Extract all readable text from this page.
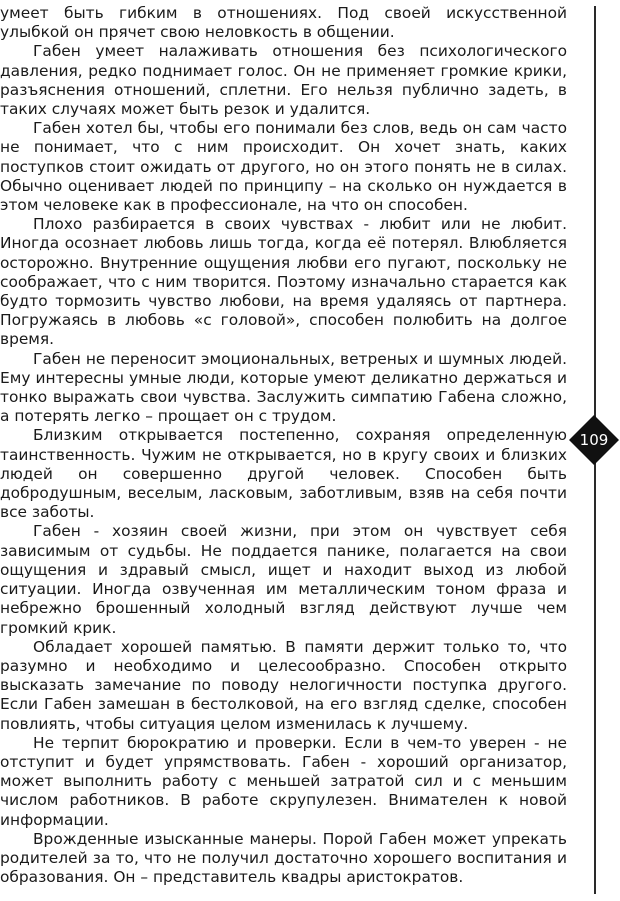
умеет быть гибким в отношениях. Под своей искусственной улыбкой он прячет свою неловкость в общении.

Габен умеет налаживать отношения без психологического давления, редко поднимает голос. Он не применяет громкие крики, разъяснения отношений, сплетни. Его нельзя публично задеть, в таких случаях может быть резок и удалится.

Габен хотел бы, чтобы его понимали без слов, ведь он сам часто не понимает, что с ним происходит. Он хочет знать, каких поступков стоит ожидать от другого, но он этого понять не в силах. Обычно оценивает людей по принципу – на сколько он нуждается в этом человеке как в профессионале, на что он способен.

Плохо разбирается в своих чувствах - любит или не любит. Иногда осознает любовь лишь тогда, когда её потерял. Влюбляется осторожно. Внутренние ощущения любви его пугают, поскольку не соображает, что с ним творится. Поэтому изначально старается как будто тормозить чувство любови, на время удаляясь от партнера. Погружаясь в любовь «с головой», способен полюбить на долгое время.

Габен не переносит эмоциональных, ветреных и шумных людей. Ему интересны умные люди, которые умеют деликатно держаться и тонко выражать свои чувства. Заслужить симпатию Габена сложно, а потерять легко – прощает он с трудом.

Близким открывается постепенно, сохраняя определенную таинственность. Чужим не открывается, но в кругу своих и близких людей он совершенно другой человек. Способен быть добродушным, веселым, ласковым, заботливым, взяв на себя почти все заботы.

Габен - хозяин своей жизни, при этом он чувствует себя зависимым от судьбы. Не поддается панике, полагается на свои ощущения и здравый смысл, ищет и находит выход из любой ситуации. Иногда озвученная им металлическим тоном фраза и небрежно брошенный холодный взгляд действуют лучше чем громкий крик.

Обладает хорошей памятью. В памяти держит только то, что разумно и необходимо и целесообразно. Способен открыто высказать замечание по поводу нелогичности поступка другого. Если Габен замешан в бестолковой, на его взгляд сделке, способен повлиять, чтобы ситуация целом изменилась к лучшему.

Не терпит бюрократию и проверки. Если в чем-то уверен - не отступит и будет упрямствовать. Габен - хороший организатор, может выполнить работу с меньшей затратой сил и с меньшим числом работников. В работе скрупулезен. Внимателен к новой информации.

Врожденные изысканные манеры. Порой Габен может упрекать родителей за то, что не получил достаточно хорошего воспитания и образования. Он – представитель квадры аристократов.

109
